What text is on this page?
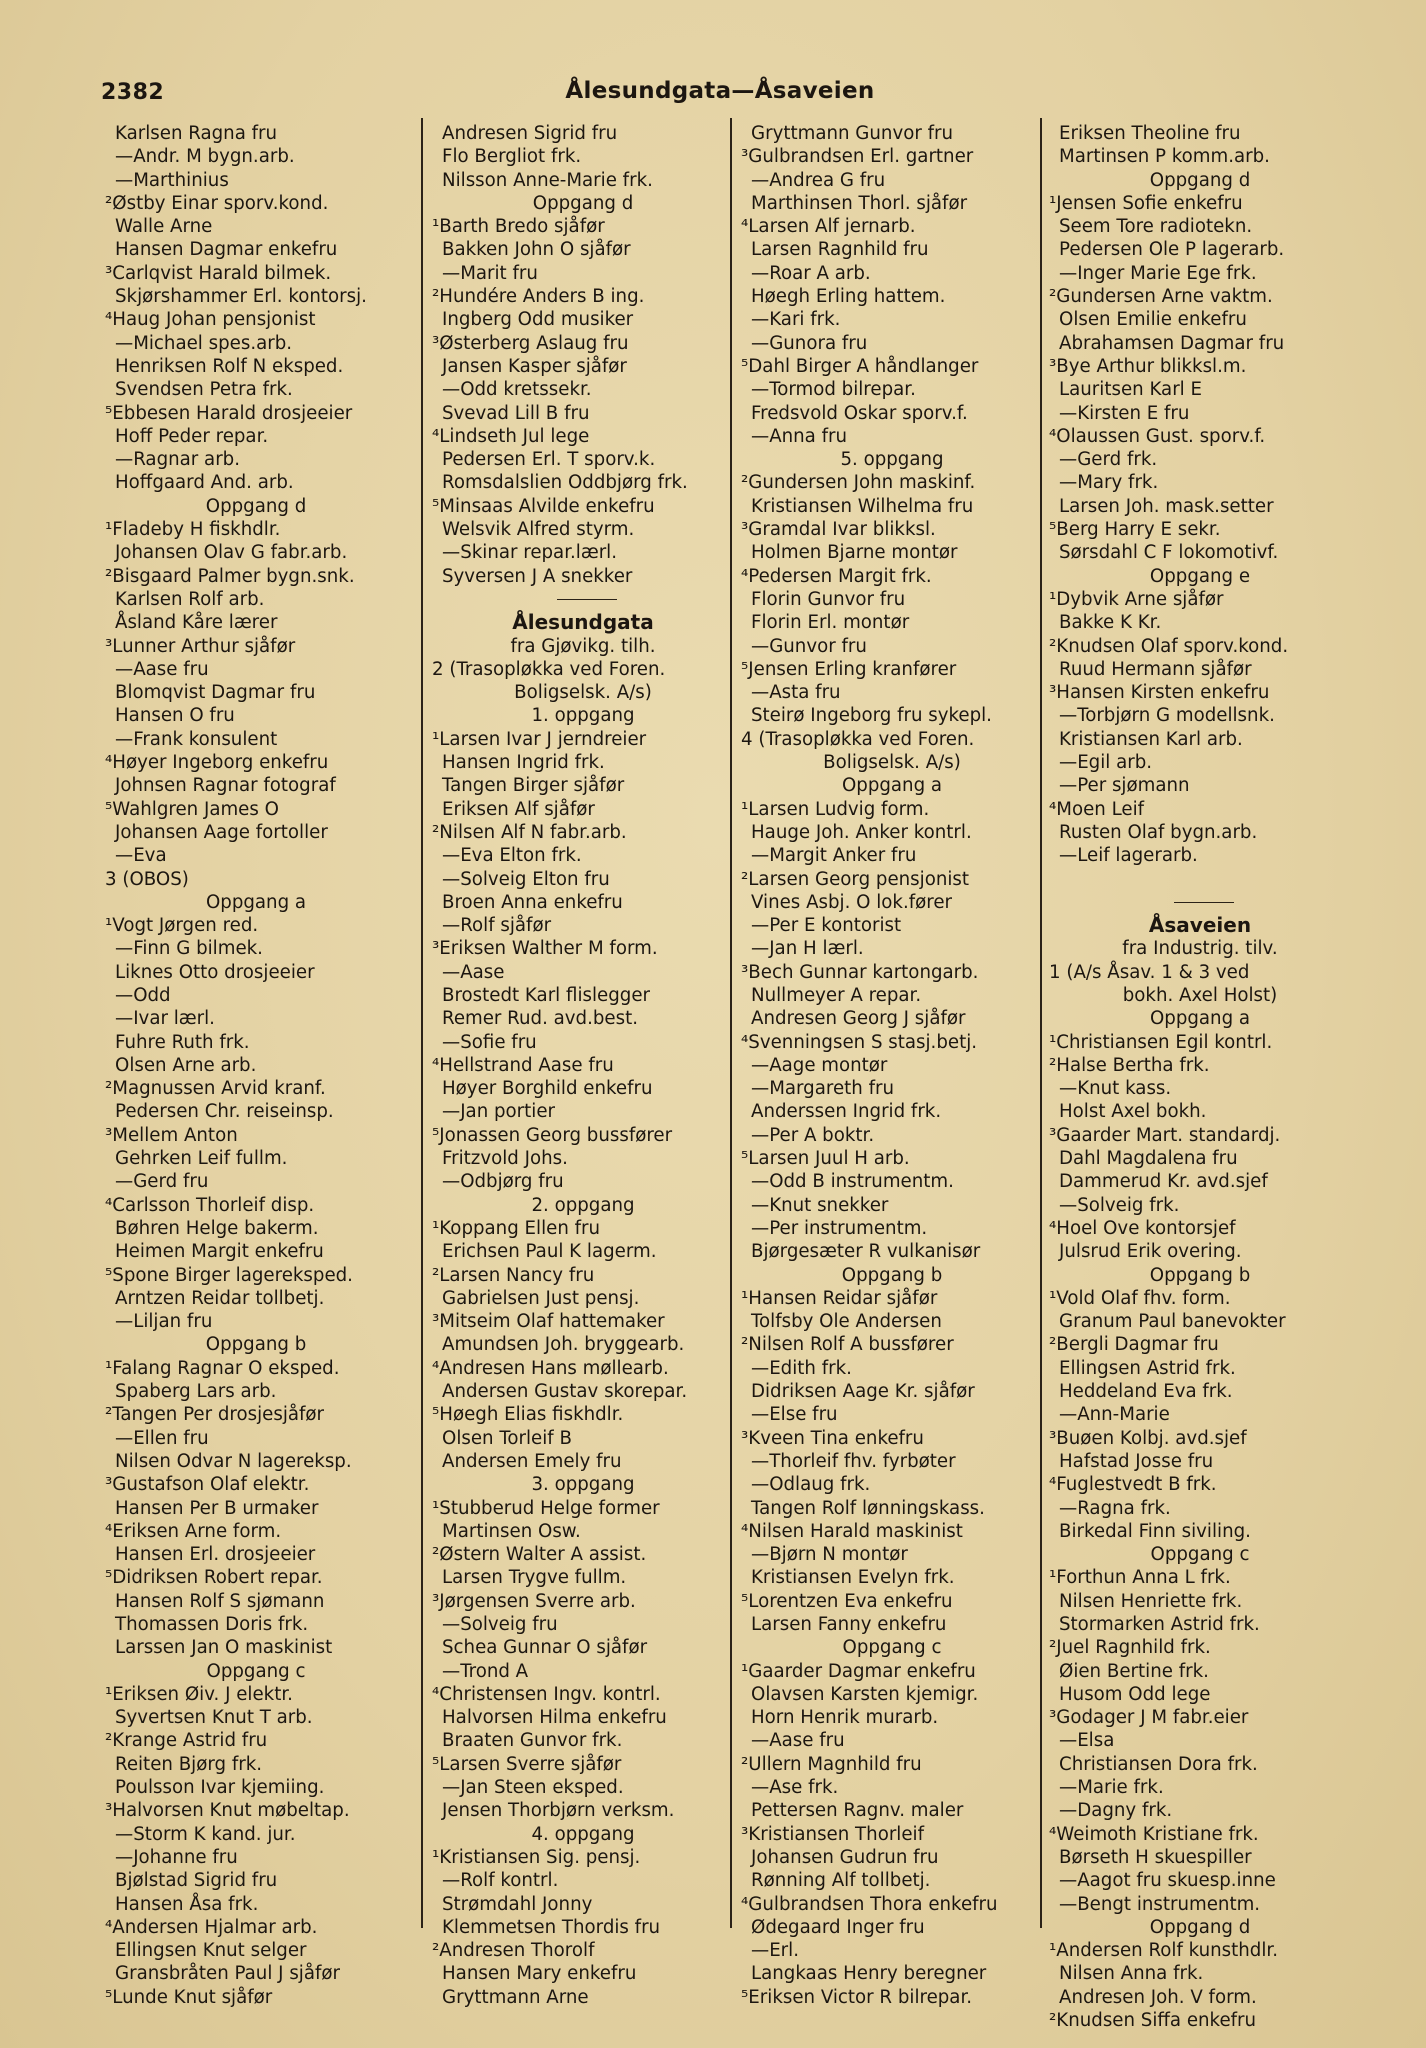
2382	Ålesundgata—Åsaveien
Karlsen Ragna fru
—Andr. M bygn.arb.
—Marthinius
²Østby Einar sporv.kond.
Walle Arne
Hansen Dagmar enkefru
³Carlqvist Harald bilmek.
Skjørshammer Erl. kontorsj.
⁴Haug Johan pensjonist
—Michael spes.arb.
Henriksen Rolf N eksped.
Svendsen Petra frk.
⁵Ebbesen Harald drosjeeier
Hoff Peder repar.
—Ragnar arb.
Hoffgaard And. arb.
Oppgang d
¹Fladeby H fiskhdlr.
Johansen Olav G fabr.arb.
²Bisgaard Palmer bygn.snk.
Karlsen Rolf arb.
Åsland Kåre lærer
³Lunner Arthur sjåfør
—Aase fru
Blomqvist Dagmar fru
Hansen O fru
—Frank konsulent
⁴Høyer Ingeborg enkefru
Johnsen Ragnar fotograf
⁵Wahlgren James O
Johansen Aage fortoller
—Eva
3 (OBOS)
Oppgang a
¹Vogt Jørgen red.
—Finn G bilmek.
Liknes Otto drosjeeier
—Odd
—Ivar lærl.
Fuhre Ruth frk.
Olsen Arne arb.
²Magnussen Arvid kranf.
Pedersen Chr. reiseinsp.
³Mellem Anton
Gehrken Leif fullm.
—Gerd fru
⁴Carlsson Thorleif disp.
Bøhren Helge bakerm.
Heimen Margit enkefru
⁵Spone Birger lagereksped.
Arntzen Reidar tollbetj.
—Liljan fru
Oppgang b
¹Falang Ragnar O eksped.
Spaberg Lars arb.
²Tangen Per drosjesjåfør
—Ellen fru
Nilsen Odvar N lagereksp.
³Gustafson Olaf elektr.
Hansen Per B urmaker
⁴Eriksen Arne form.
Hansen Erl. drosjeeier
⁵Didriksen Robert repar.
Hansen Rolf S sjømann
Thomassen Doris frk.
Larssen Jan O maskinist
Oppgang c
¹Eriksen Øiv. J elektr.
Syvertsen Knut T arb.
²Krange Astrid fru
Reiten Bjørg frk.
Poulsson Ivar kjemiing.
³Halvorsen Knut møbeltap.
—Storm K kand. jur.
—Johanne fru
Bjølstad Sigrid fru
Hansen Åsa frk.
⁴Andersen Hjalmar arb.
Ellingsen Knut selger
Gransbråten Paul J sjåfør
⁵Lunde Knut sjåfør
Andresen Sigrid fru
Flo Bergliot frk.
Nilsson Anne-Marie frk.
Oppgang d
¹Barth Bredo sjåfør
Bakken John O sjåfør
—Marit fru
²Hundére Anders B ing.
Ingberg Odd musiker
³Østerberg Aslaug fru
Jansen Kasper sjåfør
—Odd kretssekr.
Svevad Lill B fru
⁴Lindseth Jul lege
Pedersen Erl. T sporv.k.
Romsdalslien Oddbjørg frk.
⁵Minsaas Alvilde enkefru
Welsvik Alfred styrm.
—Skinar repar.lærl.
Syversen J A snekker
Ålesundgata
fra Gjøvikg. tilh.
2 (Trasopløkka ved Foren.
Boligselsk. A/s)
1. oppgang
¹Larsen Ivar J jerndreier
Hansen Ingrid frk.
Tangen Birger sjåfør
Eriksen Alf sjåfør
²Nilsen Alf N fabr.arb.
—Eva Elton frk.
—Solveig Elton fru
Broen Anna enkefru
—Rolf sjåfør
³Eriksen Walther M form.
—Aase
Brostedt Karl flislegger
Remer Rud. avd.best.
—Sofie fru
⁴Hellstrand Aase fru
Høyer Borghild enkefru
—Jan portier
⁵Jonassen Georg bussfører
Fritzvold Johs.
—Odbjørg fru
2. oppgang
¹Koppang Ellen fru
Erichsen Paul K lagerm.
²Larsen Nancy fru
Gabrielsen Just pensj.
³Mitseim Olaf hattemaker
Amundsen Joh. bryggearb.
⁴Andresen Hans møllearb.
Andersen Gustav skorepar.
⁵Høegh Elias fiskhdlr.
Olsen Torleif B
Andersen Emely fru
3. oppgang
¹Stubberud Helge former
Martinsen Osw.
²Østern Walter A assist.
Larsen Trygve fullm.
³Jørgensen Sverre arb.
—Solveig fru
Schea Gunnar O sjåfør
—Trond A
⁴Christensen Ingv. kontrl.
Halvorsen Hilma enkefru
Braaten Gunvor frk.
⁵Larsen Sverre sjåfør
—Jan Steen eksped.
Jensen Thorbjørn verksm.
4. oppgang
¹Kristiansen Sig. pensj.
—Rolf kontrl.
Strømdahl Jonny
Klemmetsen Thordis fru
²Andresen Thorolf
Hansen Mary enkefru
Gryttmann Arne
Gryttmann Gunvor fru
³Gulbrandsen Erl. gartner
—Andrea G fru
Marthinsen Thorl. sjåfør
⁴Larsen Alf jernarb.
Larsen Ragnhild fru
—Roar A arb.
Høegh Erling hattem.
—Kari frk.
—Gunora fru
⁵Dahl Birger A håndlanger
—Tormod bilrepar.
Fredsvold Oskar sporv.f.
—Anna fru
5. oppgang
²Gundersen John maskinf.
Kristiansen Wilhelma fru
³Gramdal Ivar blikksl.
Holmen Bjarne montør
⁴Pedersen Margit frk.
Florin Gunvor fru
Florin Erl. montør
—Gunvor fru
⁵Jensen Erling kranfører
—Asta fru
Steirø Ingeborg fru sykepl.
4 (Trasopløkka ved Foren.
Boligselsk. A/s)
Oppgang a
¹Larsen Ludvig form.
Hauge Joh. Anker kontrl.
—Margit Anker fru
²Larsen Georg pensjonist
Vines Asbj. O lok.fører
—Per E kontorist
—Jan H lærl.
³Bech Gunnar kartongarb.
Nullmeyer A repar.
Andresen Georg J sjåfør
⁴Svenningsen S stasj.betj.
—Aage montør
—Margareth fru
Anderssen Ingrid frk.
—Per A boktr.
⁵Larsen Juul H arb.
—Odd B instrumentm.
—Knut snekker
—Per instrumentm.
Bjørgesæter R vulkanisør
Oppgang b
¹Hansen Reidar sjåfør
Tolfsby Ole Andersen
²Nilsen Rolf A bussfører
—Edith frk.
Didriksen Aage Kr. sjåfør
—Else fru
³Kveen Tina enkefru
—Thorleif fhv. fyrbøter
—Odlaug frk.
Tangen Rolf lønningskass.
⁴Nilsen Harald maskinist
—Bjørn N montør
Kristiansen Evelyn frk.
⁵Lorentzen Eva enkefru
Larsen Fanny enkefru
Oppgang c
¹Gaarder Dagmar enkefru
Olavsen Karsten kjemigr.
Horn Henrik murarb.
—Aase fru
²Ullern Magnhild fru
—Ase frk.
Pettersen Ragnv. maler
³Kristiansen Thorleif
Johansen Gudrun fru
Rønning Alf tollbetj.
⁴Gulbrandsen Thora enkefru
Ødegaard Inger fru
—Erl.
Langkaas Henry beregner
⁵Eriksen Victor R bilrepar.
Eriksen Theoline fru
Martinsen P komm.arb.
Oppgang d
¹Jensen Sofie enkefru
Seem Tore radiotekn.
Pedersen Ole P lagerarb.
—Inger Marie Ege frk.
²Gundersen Arne vaktm.
Olsen Emilie enkefru
Abrahamsen Dagmar fru
³Bye Arthur blikksl.m.
Lauritsen Karl E
—Kirsten E fru
⁴Olaussen Gust. sporv.f.
—Gerd frk.
—Mary frk.
Larsen Joh. mask.setter
⁵Berg Harry E sekr.
Sørsdahl C F lokomotivf.
Oppgang e
¹Dybvik Arne sjåfør
Bakke K Kr.
²Knudsen Olaf sporv.kond.
Ruud Hermann sjåfør
³Hansen Kirsten enkefru
—Torbjørn G modellsnk.
Kristiansen Karl arb.
—Egil arb.
—Per sjømann
⁴Moen Leif
Rusten Olaf bygn.arb.
—Leif lagerarb.
Åsaveien
fra Industrig. tilv.
1 (A/s Åsav. 1 & 3 ved
bokh. Axel Holst)
Oppgang a
¹Christiansen Egil kontrl.
²Halse Bertha frk.
—Knut kass.
Holst Axel bokh.
³Gaarder Mart. standardj.
Dahl Magdalena fru
Dammerud Kr. avd.sjef
—Solveig frk.
⁴Hoel Ove kontorsjef
Julsrud Erik overing.
Oppgang b
¹Vold Olaf fhv. form.
Granum Paul banevokter
²Bergli Dagmar fru
Ellingsen Astrid frk.
Heddeland Eva frk.
—Ann-Marie
³Buøen Kolbj. avd.sjef
Hafstad Josse fru
⁴Fuglestvedt B frk.
—Ragna frk.
Birkedal Finn siviling.
Oppgang c
¹Forthun Anna L frk.
Nilsen Henriette frk.
Stormarken Astrid frk.
²Juel Ragnhild frk.
Øien Bertine frk.
Husom Odd lege
³Godager J M fabr.eier
—Elsa
Christiansen Dora frk.
—Marie frk.
—Dagny frk.
⁴Weimoth Kristiane frk.
Børseth H skuespiller
—Aagot fru skuesp.inne
—Bengt instrumentm.
Oppgang d
¹Andersen Rolf kunsthdlr.
Nilsen Anna frk.
Andresen Joh. V form.
²Knudsen Siffa enkefru
